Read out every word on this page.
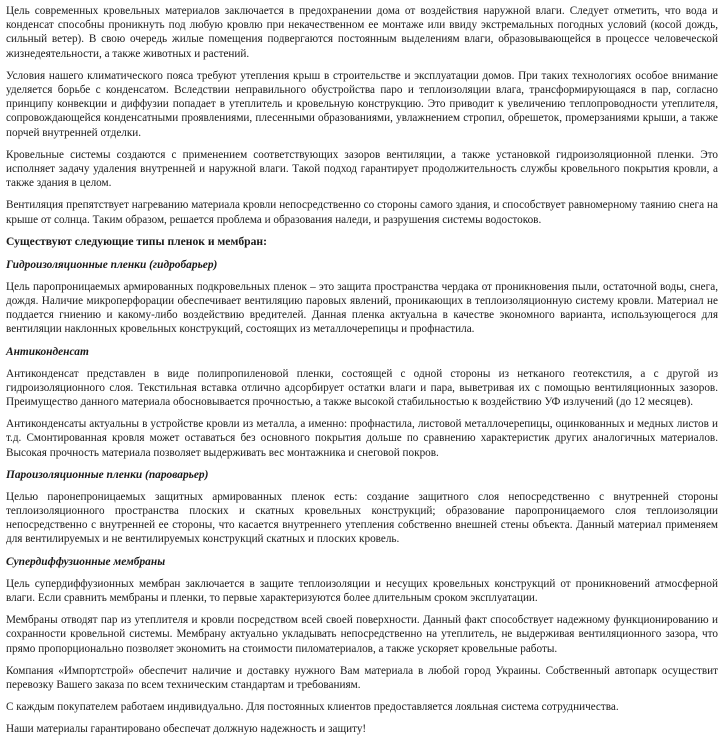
Цель современных кровельных материалов заключается в предохранении дома от воздействия наружной влаги. Следует отметить, что вода и конденсат способны проникнуть под любую кровлю при некачественном ее монтаже или ввиду экстремальных погодных условий (косой дождь, сильный ветер). В свою очередь жилые помещения подвергаются постоянным выделениям влаги, образовывающейся в процессе человеческой жизнедеятельности, а также животных и растений.

Условия нашего климатического пояса требуют утепления крыш в строительстве и эксплуатации домов. При таких технологиях особое внимание уделяется борьбе с конденсатом. Вследствии неправильного обустройства паро и теплоизоляции влага, трансформирующаяся в пар, согласно принципу конвекции и диффузии попадает в утеплитель и кровельную конструкцию. Это приводит к увеличению теплопроводности утеплителя, сопровождающейся конденсатными проявлениями, плесенными образованиями, увлажнением стропил, обрешеток, промерзаниями крыши, а также порчей внутренней отделки.

Кровельные системы создаются с применением соответствующих зазоров вентиляции, а также установкой гидроизоляционной пленки. Это исполняет задачу удаления внутренней и наружной влаги. Такой подход гарантирует продолжительность службы кровельного покрытия кровли, а также здания в целом.

Вентиляция препятствует нагреванию материала кровли непосредственно со стороны самого здания, и способствует равномерному таянию снега на крыше от солнца. Таким образом, решается проблема и образования наледи, и разрушения системы водостоков.

Существуют следующие типы пленок и мембран:

Гидроизоляционные пленки (гидробарьер)

Цель паропроницаемых армированных подкровельных пленок – это защита пространства чердака от проникновения пыли, остаточной воды, снега, дождя. Наличие микроперфорации обеспечивает вентиляцию паровых явлений, проникающих в теплоизоляционную систему кровли. Материал не поддается гниению и какому-либо воздействию вредителей. Данная пленка актуальна в качестве экономного варианта, использующегося для вентиляции наклонных кровельных конструкций, состоящих из металлочерепицы и профнастила.

Антиконденсат

Антиконденсат представлен в виде полипропиленовой пленки, состоящей с одной стороны из нетканого геотекстиля, а с другой из гидроизоляционного слоя. Текстильная вставка отлично адсорбирует остатки влаги и пара, выветривая их с помощью вентиляционных зазоров. Преимущество данного материала обосновывается прочностью, а также высокой стабильностью к воздействию УФ излучений (до 12 месяцев).

Антиконденсаты актуальны в устройстве кровли из металла, а именно: профнастила, листовой металлочерепицы, оцинкованных и медных листов и т.д. Смонтированная кровля может оставаться без основного покрытия дольше по сравнению характеристик других аналогичных материалов. Высокая прочность материала позволяет выдерживать вес монтажника и снеговой покров.

Пароизоляционные пленки (пароварьер)

Целью паронепроницаемых защитных армированных пленок есть: создание защитного слоя непосредственно с внутренней стороны теплоизоляционного пространства плоских и скатных кровельных конструкций; образование паропроницаемого слоя теплоизоляции непосредственно с внутренней ее стороны, что касается внутреннего утепления собственно внешней стены объекта. Данный материал применяем для вентилируемых и не вентилируемых конструкций скатных и плоских кровель.

Супердиффузионные мембраны

Цель супердиффузионных мембран заключается в защите теплоизоляции и несущих кровельных конструкций от проникновений атмосферной влаги. Если сравнить мембраны и пленки, то первые характеризуются более длительным сроком эксплуатации.

Мембраны отводят пар из утеплителя и кровли посредством всей своей поверхности. Данный факт способствует надежному функционированию и сохранности кровельной системы. Мембрану актуально укладывать непосредственно на утеплитель, не выдерживая вентиляционного зазора, что прямо пропорционально позволяет экономить на стоимости пиломатериалов, а также ускоряет кровельные работы.

Компания «Импортстрой» обеспечит наличие и доставку нужного Вам материала в любой город Украины. Собственный автопарк осуществит перевозку Вашего заказа по всем техническим стандартам и требованиям.

С каждым покупателем работаем индивидуально. Для постоянных клиентов предоставляется лояльная система сотрудничества.

Наши материалы гарантировано обеспечат должную надежность и защиту!
